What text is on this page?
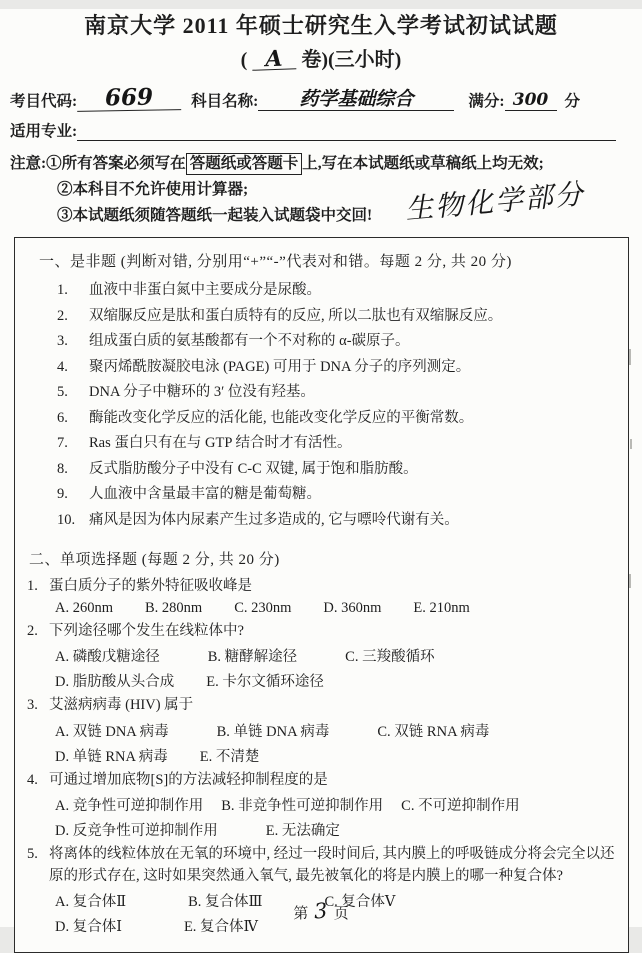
南京大学 2011 年硕士研究生入学考试初试试题
( A 卷)(三小时)
考目代码:	669	科目名称:	药学基础综合	满分: 300	分
适用专业:
注意:①所有答案必须写在 答题纸或答题卡 上,写在本试题纸或草稿纸上均无效;
②本科目不允许使用计算器;
③本试题纸须随答题纸一起装入试题袋中交回!	生物化学部分
一、是非题 (判断对错, 分别用“+”“-”代表对和错。每题 2 分, 共 20 分)
1.	血液中非蛋白氮中主要成分是尿酸。
2.	双缩脲反应是肽和蛋白质特有的反应, 所以二肽也有双缩脲反应。
3.	组成蛋白质的氨基酸都有一个不对称的 α-碳原子。
4.	聚丙烯酰胺凝胶电泳 (PAGE) 可用于 DNA 分子的序列测定。
5.	DNA 分子中糖环的 3′ 位没有羟基。
6.	酶能改变化学反应的活化能, 也能改变化学反应的平衡常数。
7.	Ras 蛋白只有在与 GTP 结合时才有活性。
8.	反式脂肪酸分子中没有 C-C 双键, 属于饱和脂肪酸。
9.	人血液中含量最丰富的糖是葡萄糖。
10. 痛风是因为体内尿素产生过多造成的, 它与嘌呤代谢有关。
二、单项选择题 (每题 2 分, 共 20 分)
1. 蛋白质分子的紫外特征吸收峰是
A. 260nm B. 280nm C. 230nm D. 360nm E. 210nm
2. 下列途径哪个发生在线粒体中?
A. 磷酸戊糖途径	B. 糖酵解途径	C. 三羧酸循环
D. 脂肪酸从头合成 E. 卡尔文循环途径
3. 艾滋病病毒 (HIV) 属于
A. 双链 DNA 病毒	B. 单链 DNA 病毒	C. 双链 RNA 病毒
D. 单链 RNA 病毒 E. 不清楚
4. 可通过增加底物[S]的方法减轻抑制程度的是
A. 竞争性可逆抑制作用 B. 非竞争性可逆抑制作用 C. 不可逆抑制作用
D. 反竞争性可逆抑制作用	E. 无法确定
5. 将离体的线粒体放在无氧的环境中, 经过一段时间后, 其内膜上的呼吸链成分将会完全以还原的形式存在, 这时如果突然通入氧气, 最先被氧化的将是内膜上的哪一种复合体?
A. 复合体Ⅱ	B. 复合体Ⅲ	C. 复合体Ⅴ
D. 复合体Ⅰ	E. 复合体Ⅳ
第 3 页
